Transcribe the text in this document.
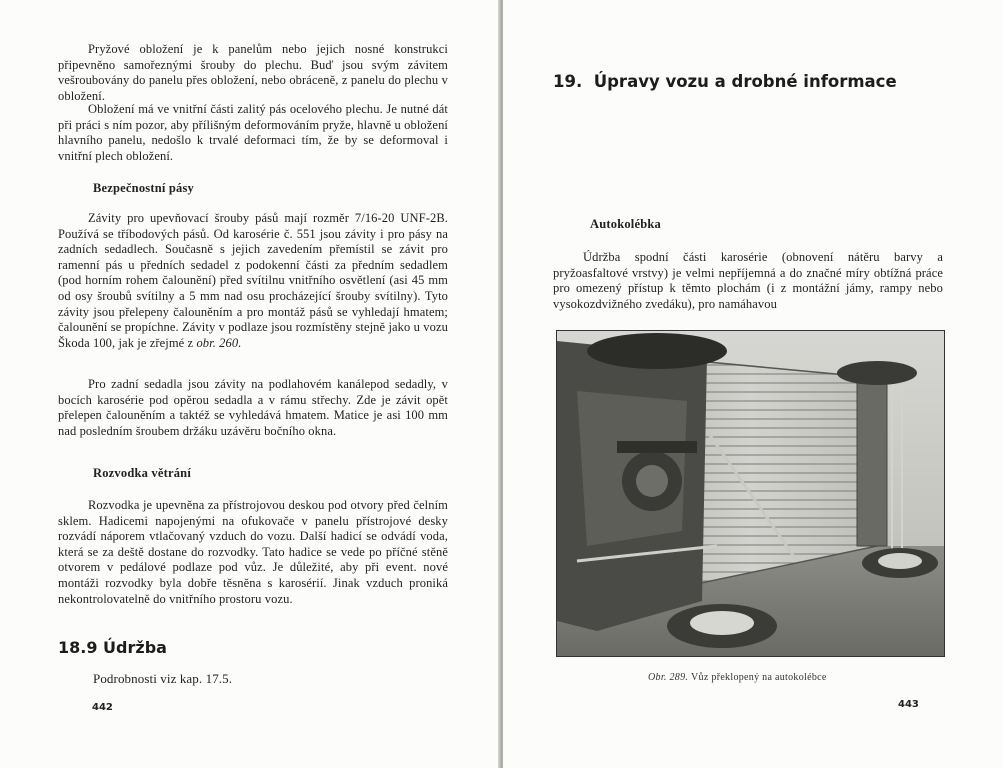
Pryžové obložení je k panelům nebo jejich nosné konstrukci připevněno samořeznými šrouby do plechu. Buď jsou svým závitem vešroubovány do panelu přes obložení, nebo obráceně, z panelu do plechu v obložení.

Obložení má ve vnitřní části zalitý pás ocelového plechu. Je nutné dát při práci s ním pozor, aby přílišným deformováním pryže, hlavně u obložení hlavního panelu, nedošlo k trvalé deformaci tím, že by se deformoval i vnitřní plech obložení.

Bezpečnostní pásy

Závity pro upevňovací šrouby pásů mají rozměr 7/16-20 UNF-2B. Používá se tříbodových pásů. Od karosérie č. 551 jsou závity i pro pásy na zadních sedadlech. Současně s jejich zavedením přemístil se závit pro ramenní pás u předních sedadel z podokenní části za předním sedadlem (pod horním rohem čalounění) před svítilnu vnitřního osvětlení (asi 45 mm od osy šroubů svítilny a 5 mm nad osu procházející šrouby svítilny). Tyto závity jsou přelepeny čalouněním a pro montáž pásů se vyhledají hmatem; čalounění se propíchne. Závity v podlaze jsou rozmístěny stejně jako u vozu Škoda 100, jak je zřejmé z obr. 260.

Pro zadní sedadla jsou závity na podlahovém kanálepod sedadly, v bocích karosérie pod opěrou sedadla a v rámu střechy. Zde je závit opět přelepen čalouněním a taktéž se vyhledává hmatem. Matice je asi 100 mm nad posledním šroubem držáku uzávěru bočního okna.

Rozvodka větrání

Rozvodka je upevněna za přístrojovou deskou pod otvory před čelním sklem. Hadicemi napojenými na ofukovače v panelu přístrojové desky rozvádí náporem vtlačovaný vzduch do vozu. Další hadicí se odvádí voda, která se za deště dostane do rozvodky. Tato hadice se vede po příčné stěně otvorem v pedálové podlaze pod vůz. Je důležité, aby při event. nové montáži rozvodky byla dobře těsněna s karosérií. Jinak vzduch proniká nekontrolovatelně do vnitřního prostoru vozu.

18.9 Údržba

Podrobnosti viz kap. 17.5.

442
19.  Úpravy vozu a drobné informace
Autokolébka

Údržba spodní části karosérie (obnovení nátěru barvy a pryžoasfaltové vrstvy) je velmi nepříjemná a do značné míry obtížná práce pro omezený přístup k těmto plochám (i z montážní jámy, rampy nebo vysokozdvižného zvedáku), pro namáhavou

Obr. 289. Vůz překlopený na autokolébce
443
